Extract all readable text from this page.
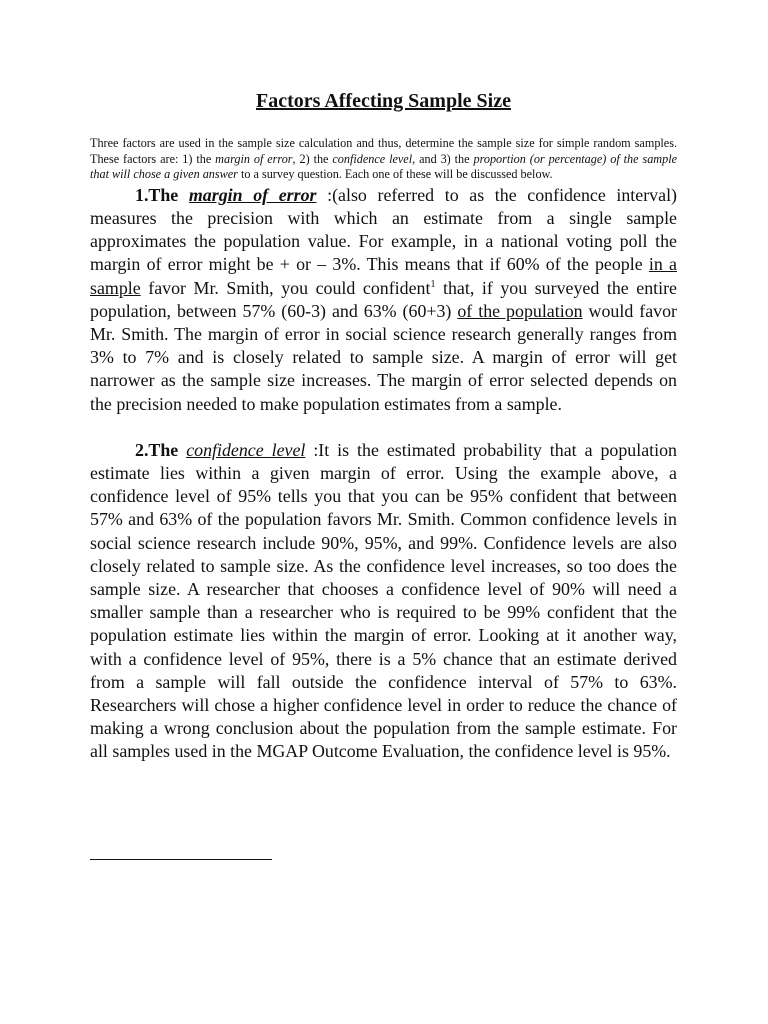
Factors Affecting Sample Size

Three factors are used in the sample size calculation and thus, determine the sample size for simple random samples. These factors are: 1) the margin of error, 2) the confidence level, and 3) the proportion (or percentage) of the sample that will chose a given answer to a survey question. Each one of these will be discussed below.

1.The margin of error :(also referred to as the confidence interval) measures the precision with which an estimate from a single sample approximates the population value. For example, in a national voting poll the margin of error might be + or – 3%. This means that if 60% of the people in a sample favor Mr. Smith, you could confident$^1$ that, if you surveyed the entire population, between 57% (60-3) and 63% (60+3) of the population would favor Mr. Smith. The margin of error in social science research generally ranges from 3% to 7% and is closely related to sample size. A margin of error will get narrower as the sample size increases. The margin of error selected depends on the precision needed to make population estimates from a sample.

2.The confidence level :It is the estimated probability that a population estimate lies within a given margin of error. Using the example above, a confidence level of 95% tells you that you can be 95% confident that between 57% and 63% of the population favors Mr. Smith. Common confidence levels in social science research include 90%, 95%, and 99%. Confidence levels are also closely related to sample size. As the confidence level increases, so too does the sample size. A researcher that chooses a confidence level of 90% will need a smaller sample than a researcher who is required to be 99% confident that the population estimate lies within the margin of error. Looking at it another way, with a confidence level of 95%, there is a 5% chance that an estimate derived from a sample will fall outside the confidence interval of 57% to 63%. Researchers will chose a higher confidence level in order to reduce the chance of making a wrong conclusion about the population from the sample estimate. For all samples used in the MGAP Outcome Evaluation, the confidence level is 95%.
